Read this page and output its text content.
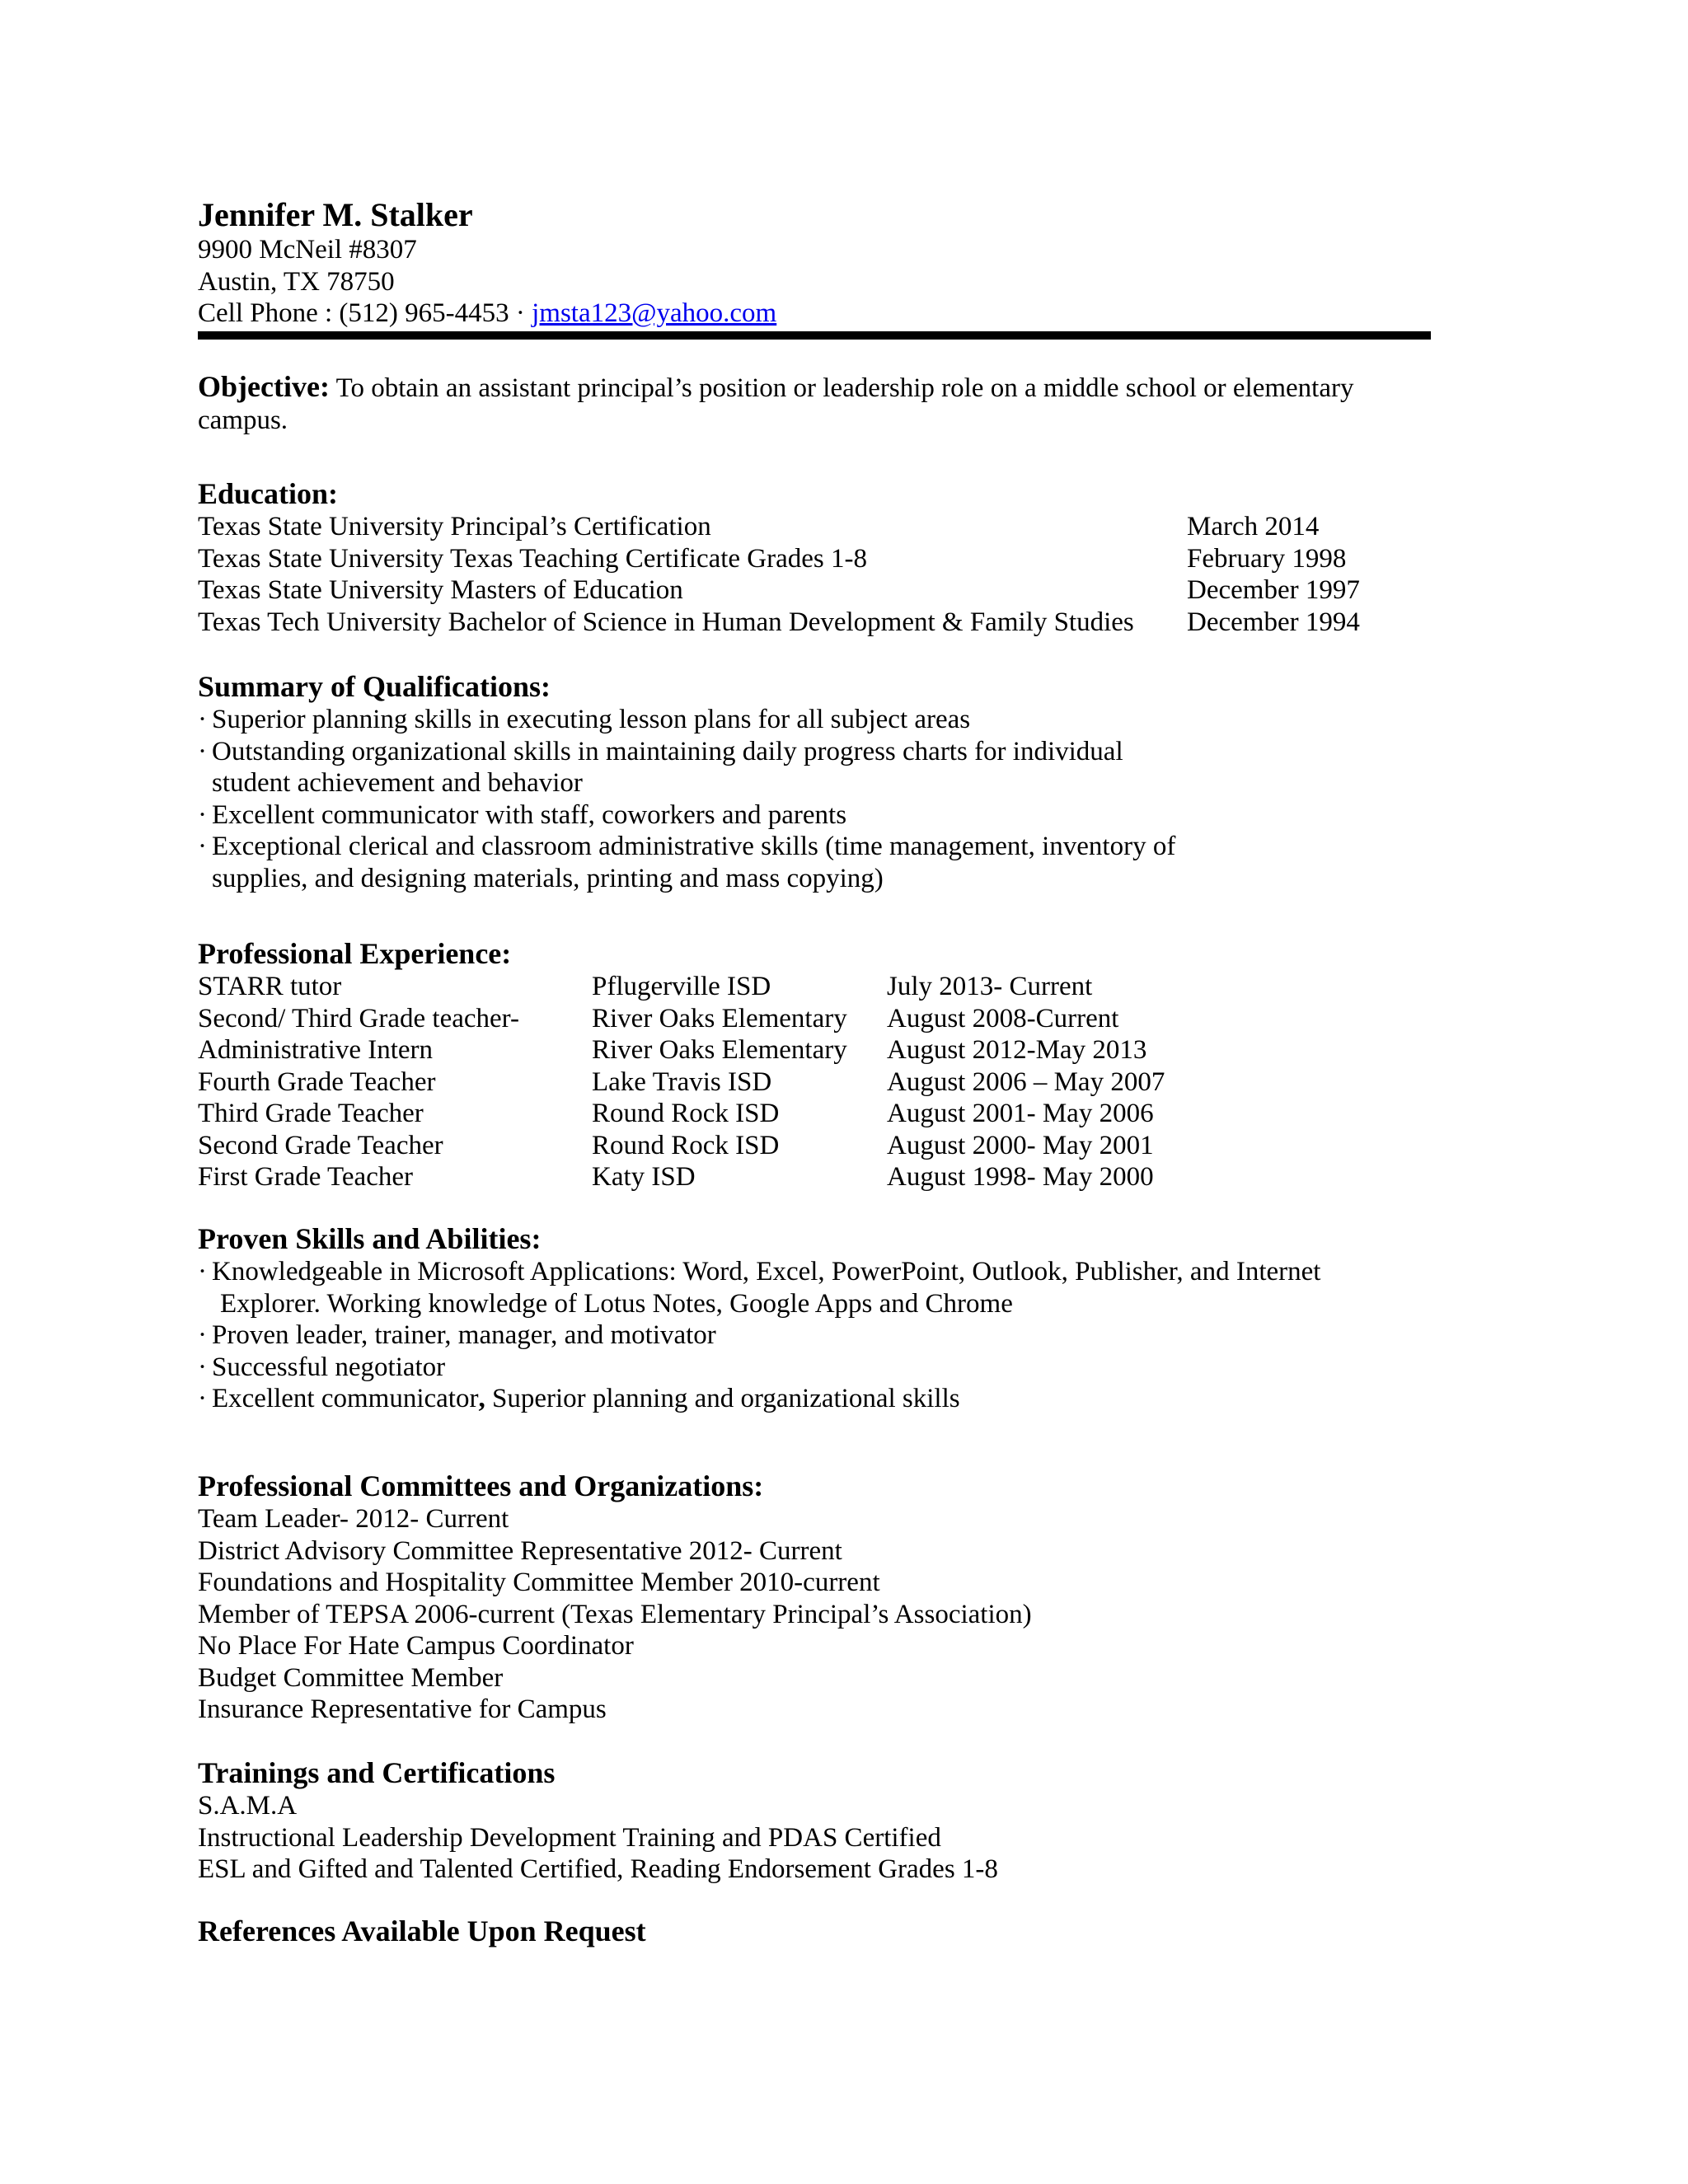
Jennifer M. Stalker
9900 McNeil #8307
Austin, TX 78750
Cell Phone : (512) 965-4453 · jmsta123@yahoo.com
Objective: To obtain an assistant principal’s position or leadership role on a middle school or elementary
campus.
Education:
Texas State University Principal’s Certification	March 2014
Texas State University Texas Teaching Certificate Grades 1-8	February 1998
Texas State University Masters of Education	December 1997
Texas Tech University Bachelor of Science in Human Development & Family Studies	December 1994
Summary of Qualifications:
· Superior planning skills in executing lesson plans for all subject areas
· Outstanding organizational skills in maintaining daily progress charts for individual
student achievement and behavior
· Excellent communicator with staff, coworkers and parents
· Exceptional clerical and classroom administrative skills (time management, inventory of
supplies, and designing materials, printing and mass copying)
Professional Experience:
STARR tutor	Pflugerville ISD	July 2013- Current
Second/ Third Grade teacher-	River Oaks Elementary	August 2008-Current
Administrative Intern	River Oaks Elementary	August 2012-May 2013
Fourth Grade Teacher	Lake Travis ISD	August 2006 – May 2007
Third Grade Teacher	Round Rock ISD	August 2001- May 2006
Second Grade Teacher	Round Rock ISD	August 2000- May 2001
First Grade Teacher	Katy ISD	August 1998- May 2000
Proven Skills and Abilities:
· Knowledgeable in Microsoft Applications: Word, Excel, PowerPoint, Outlook, Publisher, and Internet
Explorer. Working knowledge of Lotus Notes, Google Apps and Chrome
· Proven leader, trainer, manager, and motivator
· Successful negotiator
· Excellent communicator, Superior planning and organizational skills
Professional Committees and Organizations:
Team Leader- 2012- Current
District Advisory Committee Representative 2012- Current
Foundations and Hospitality Committee Member 2010-current
Member of TEPSA 2006-current (Texas Elementary Principal’s Association)
No Place For Hate Campus Coordinator
Budget Committee Member
Insurance Representative for Campus
Trainings and Certifications
S.A.M.A
Instructional Leadership Development Training and PDAS Certified
ESL and Gifted and Talented Certified, Reading Endorsement Grades 1-8
References Available Upon Request
